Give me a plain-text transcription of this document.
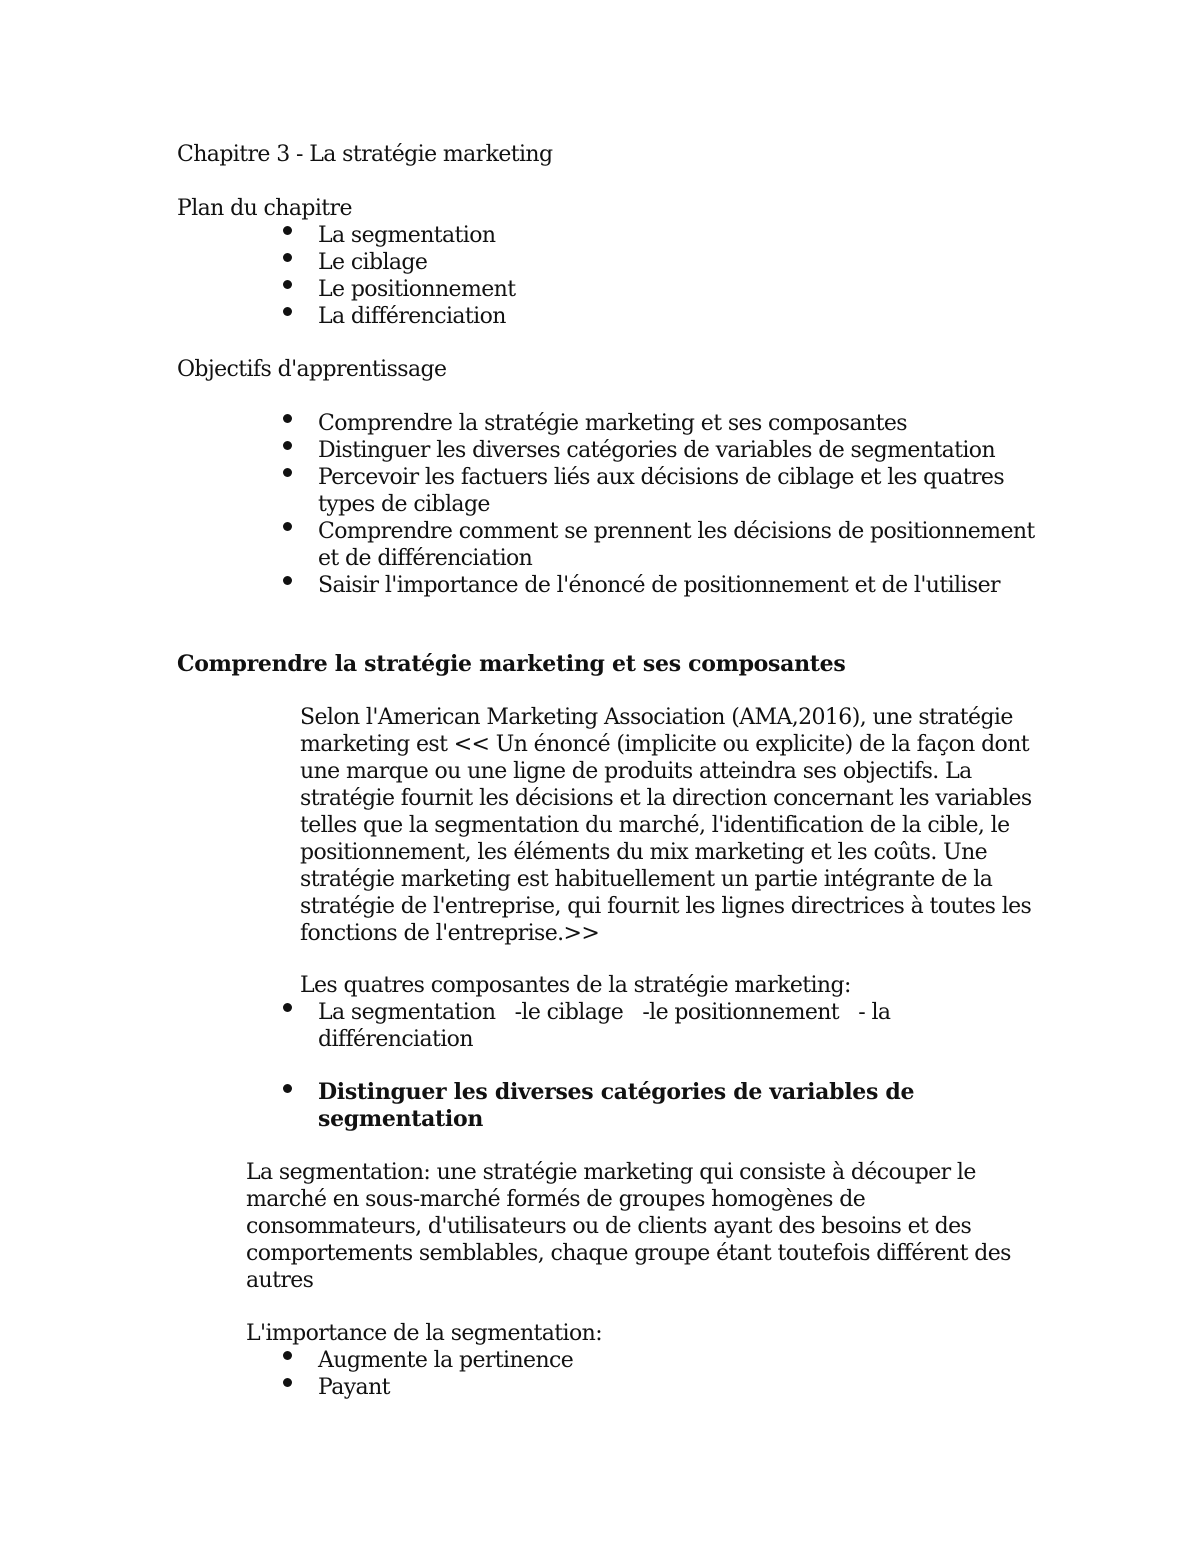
Chapitre 3 - La stratégie marketing
Plan du chapitre
La segmentation
Le ciblage
Le positionnement
La différenciation
Objectifs d'apprentissage
Comprendre la stratégie marketing et ses composantes
Distinguer les diverses catégories de variables de segmentation
Percevoir les factuers liés aux décisions de ciblage et les quatres
types de ciblage
Comprendre comment se prennent les décisions de positionnement
et de différenciation
Saisir l'importance de l'énoncé de positionnement et de l'utiliser
Comprendre la stratégie marketing et ses composantes
Selon l'American Marketing Association (AMA,2016), une stratégie
marketing est << Un énoncé (implicite ou explicite) de la façon dont
une marque ou une ligne de produits atteindra ses objectifs. La
stratégie fournit les décisions et la direction concernant les variables
telles que la segmentation du marché, l'identification de la cible, le
positionnement, les éléments du mix marketing et les coûts. Une
stratégie marketing est habituellement un partie intégrante de la
stratégie de l'entreprise, qui fournit les lignes directrices à toutes les
fonctions de l'entreprise.>>
Les quatres composantes de la stratégie marketing:
La segmentation   -le ciblage   -le positionnement   - la
différenciation
Distinguer les diverses catégories de variables de
segmentation
La segmentation: une stratégie marketing qui consiste à découper le
marché en sous-marché formés de groupes homogènes de
consommateurs, d'utilisateurs ou de clients ayant des besoins et des
comportements semblables, chaque groupe étant toutefois différent des
autres
L'importance de la segmentation:
Augmente la pertinence
Payant
